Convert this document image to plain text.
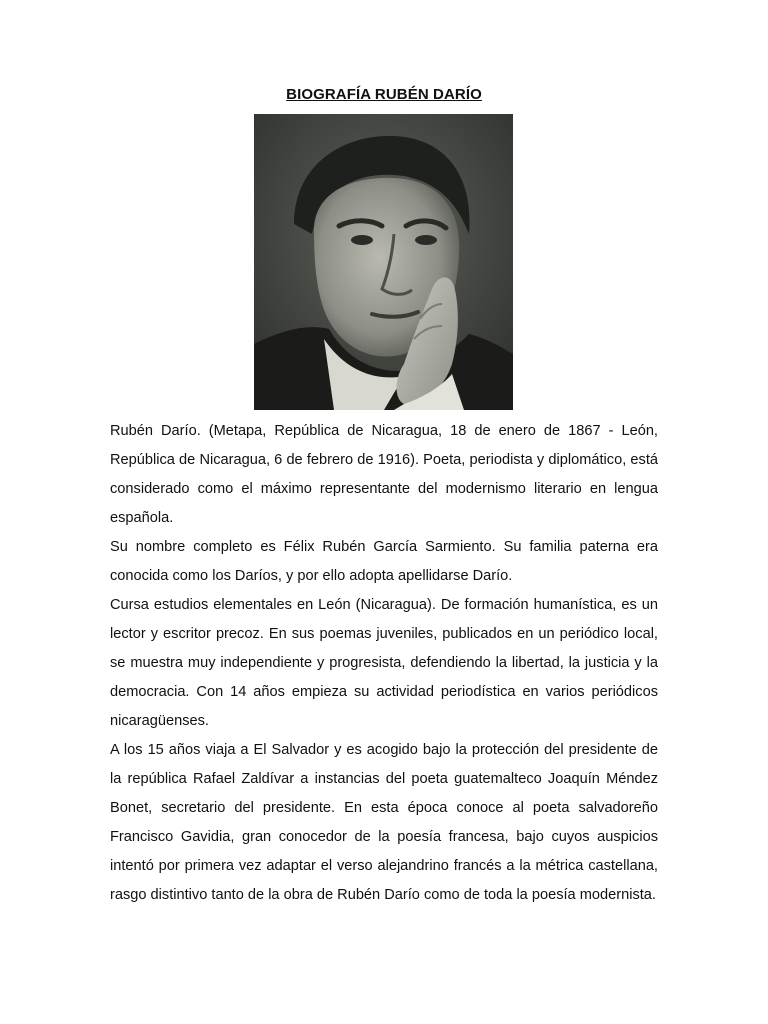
BIOGRAFÍA RUBÉN DARÍO

Rubén Darío. (Metapa, República de Nicaragua, 18 de enero de 1867 - León, República de Nicaragua, 6 de febrero de 1916). Poeta, periodista y diplomático, está considerado como el máximo representante del modernismo literario en lengua española.

Su nombre completo es Félix Rubén García Sarmiento. Su familia paterna era conocida como los Daríos, y por ello adopta apellidarse Darío.

Cursa estudios elementales en León (Nicaragua). De formación humanística, es un lector y escritor precoz. En sus poemas juveniles, publicados en un periódico local, se muestra muy independiente y progresista, defendiendo la libertad, la justicia y la democracia. Con 14 años empieza su actividad periodística en varios periódicos nicaragüenses.

A los 15 años viaja a El Salvador y es acogido bajo la protección del presidente de la república Rafael Zaldívar a instancias del poeta guatemalteco Joaquín Méndez Bonet, secretario del presidente. En esta época conoce al poeta salvadoreño Francisco Gavidia, gran conocedor de la poesía francesa, bajo cuyos auspicios intentó por primera vez adaptar el verso alejandrino francés a la métrica castellana, rasgo distintivo tanto de la obra de Rubén Darío como de toda la poesía modernista.
